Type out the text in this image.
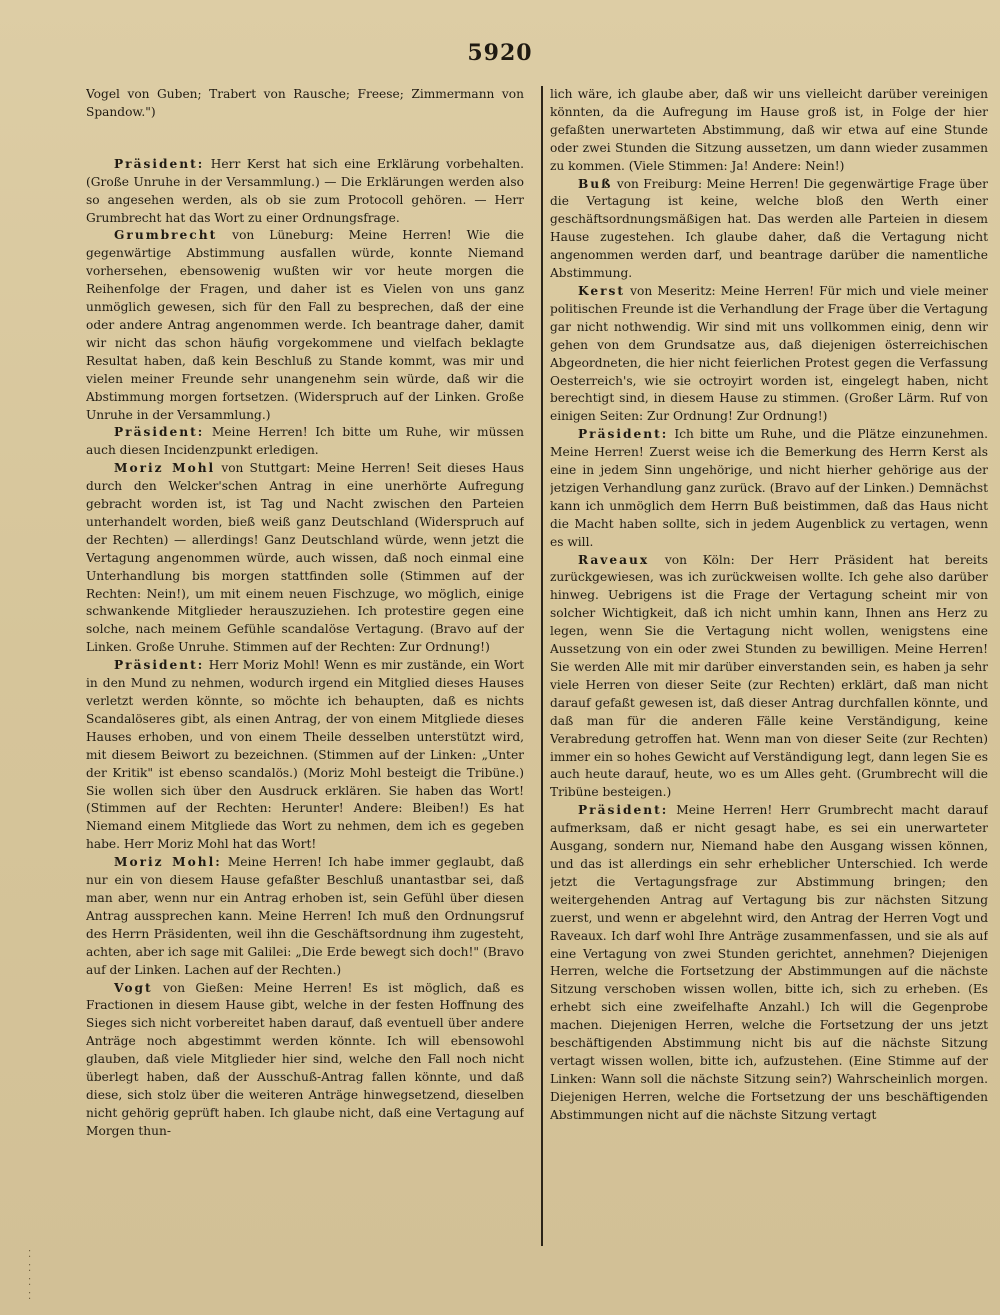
5920

Vogel von Guben; Trabert von Rausche; Freese; Zimmermann von Spandow.")

Präsident: Herr Kerst hat sich eine Erklärung vorbehalten. (Große Unruhe in der Versammlung.) — Die Erklärungen werden also so angesehen werden, als ob sie zum Protocoll gehören. — Herr Grumbrecht hat das Wort zu einer Ordnungsfrage.

Grumbrecht von Lüneburg: Meine Herren! Wie die gegenwärtige Abstimmung ausfallen würde, konnte Niemand vorhersehen, ebensowenig wußten wir vor heute morgen die Reihenfolge der Fragen, und daher ist es Vielen von uns ganz unmöglich gewesen, sich für den Fall zu besprechen, daß der eine oder andere Antrag angenommen werde. Ich beantrage daher, damit wir nicht das schon häufig vorgekommene und vielfach beklagte Resultat haben, daß kein Beschluß zu Stande kommt, was mir und vielen meiner Freunde sehr unangenehm sein würde, daß wir die Abstimmung morgen fortsetzen. (Widerspruch auf der Linken. Große Unruhe in der Versammlung.)

Präsident: Meine Herren! Ich bitte um Ruhe, wir müssen auch diesen Incidenzpunkt erledigen.

Moriz Mohl von Stuttgart: Meine Herren! Seit dieses Haus durch den Welcker'schen Antrag in eine unerhörte Aufregung gebracht worden ist, ist Tag und Nacht zwischen den Parteien unterhandelt worden, bieß weiß ganz Deutschland (Widerspruch auf der Rechten) — allerdings! Ganz Deutschland würde, wenn jetzt die Vertagung angenommen würde, auch wissen, daß noch einmal eine Unterhandlung bis morgen stattfinden solle (Stimmen auf der Rechten: Nein!), um mit einem neuen Fischzuge, wo möglich, einige schwankende Mitglieder herauszuziehen. Ich protestire gegen eine solche, nach meinem Gefühle scandalöse Vertagung. (Bravo auf der Linken. Große Unruhe. Stimmen auf der Rechten: Zur Ordnung!)

Präsident: Herr Moriz Mohl! Wenn es mir zustände, ein Wort in den Mund zu nehmen, wodurch irgend ein Mitglied dieses Hauses verletzt werden könnte, so möchte ich behaupten, daß es nichts Scandalöseres gibt, als einen Antrag, der von einem Mitgliede dieses Hauses erhoben, und von einem Theile desselben unterstützt wird, mit diesem Beiwort zu bezeichnen. (Stimmen auf der Linken: „Unter der Kritik" ist ebenso scandalös.) (Moriz Mohl besteigt die Tribüne.) Sie wollen sich über den Ausdruck erklären. Sie haben das Wort! (Stimmen auf der Rechten: Herunter! Andere: Bleiben!) Es hat Niemand einem Mitgliede das Wort zu nehmen, dem ich es gegeben habe. Herr Moriz Mohl hat das Wort!

Moriz Mohl: Meine Herren! Ich habe immer geglaubt, daß nur ein von diesem Hause gefaßter Beschluß unantastbar sei, daß man aber, wenn nur ein Antrag erhoben ist, sein Gefühl über diesen Antrag aussprechen kann. Meine Herren! Ich muß den Ordnungsruf des Herrn Präsidenten, weil ihn die Geschäftsordnung ihm zugesteht, achten, aber ich sage mit Galilei: „Die Erde bewegt sich doch!" (Bravo auf der Linken. Lachen auf der Rechten.)

Vogt von Gießen: Meine Herren! Es ist möglich, daß es Fractionen in diesem Hause gibt, welche in der festen Hoffnung des Sieges sich nicht vorbereitet haben darauf, daß eventuell über andere Anträge noch abgestimmt werden könnte. Ich will ebensowohl glauben, daß viele Mitglieder hier sind, welche den Fall noch nicht überlegt haben, daß der Ausschuß-Antrag fallen könnte, und daß diese, sich stolz über die weiteren Anträge hinwegsetzend, dieselben nicht gehörig geprüft haben. Ich glaube nicht, daß eine Vertagung auf Morgen thun-

lich wäre, ich glaube aber, daß wir uns vielleicht darüber vereinigen könnten, da die Aufregung im Hause groß ist, in Folge der hier gefaßten unerwarteten Abstimmung, daß wir etwa auf eine Stunde oder zwei Stunden die Sitzung aussetzen, um dann wieder zusammen zu kommen. (Viele Stimmen: Ja! Andere: Nein!)

Buß von Freiburg: Meine Herren! Die gegenwärtige Frage über die Vertagung ist keine, welche bloß den Werth einer geschäftsordnungsmäßigen hat. Das werden alle Parteien in diesem Hause zugestehen. Ich glaube daher, daß die Vertagung nicht angenommen werden darf, und beantrage darüber die namentliche Abstimmung.

Kerst von Meseritz: Meine Herren! Für mich und viele meiner politischen Freunde ist die Verhandlung der Frage über die Vertagung gar nicht nothwendig. Wir sind mit uns vollkommen einig, denn wir gehen von dem Grundsatze aus, daß diejenigen österreichischen Abgeordneten, die hier nicht feierlichen Protest gegen die Verfassung Oesterreich's, wie sie octroyirt worden ist, eingelegt haben, nicht berechtigt sind, in diesem Hause zu stimmen. (Großer Lärm. Ruf von einigen Seiten: Zur Ordnung! Zur Ordnung!)

Präsident: Ich bitte um Ruhe, und die Plätze einzunehmen. Meine Herren! Zuerst weise ich die Bemerkung des Herrn Kerst als eine in jedem Sinn ungehörige, und nicht hierher gehörige aus der jetzigen Verhandlung ganz zurück. (Bravo auf der Linken.) Demnächst kann ich unmöglich dem Herrn Buß beistimmen, daß das Haus nicht die Macht haben sollte, sich in jedem Augenblick zu vertagen, wenn es will.

Raveaux von Köln: Der Herr Präsident hat bereits zurückgewiesen, was ich zurückweisen wollte. Ich gehe also darüber hinweg. Uebrigens ist die Frage der Vertagung scheint mir von solcher Wichtigkeit, daß ich nicht umhin kann, Ihnen ans Herz zu legen, wenn Sie die Vertagung nicht wollen, wenigstens eine Aussetzung von ein oder zwei Stunden zu bewilligen. Meine Herren! Sie werden Alle mit mir darüber einverstanden sein, es haben ja sehr viele Herren von dieser Seite (zur Rechten) erklärt, daß man nicht darauf gefaßt gewesen ist, daß dieser Antrag durchfallen könnte, und daß man für die anderen Fälle keine Verständigung, keine Verabredung getroffen hat. Wenn man von dieser Seite (zur Rechten) immer ein so hohes Gewicht auf Verständigung legt, dann legen Sie es auch heute darauf, heute, wo es um Alles geht. (Grumbrecht will die Tribüne besteigen.)

Präsident: Meine Herren! Herr Grumbrecht macht darauf aufmerksam, daß er nicht gesagt habe, es sei ein unerwarteter Ausgang, sondern nur, Niemand habe den Ausgang wissen können, und das ist allerdings ein sehr erheblicher Unterschied. Ich werde jetzt die Vertagungsfrage zur Abstimmung bringen; den weitergehenden Antrag auf Vertagung bis zur nächsten Sitzung zuerst, und wenn er abgelehnt wird, den Antrag der Herren Vogt und Raveaux. Ich darf wohl Ihre Anträge zusammenfassen, und sie als auf eine Vertagung von zwei Stunden gerichtet, annehmen? Diejenigen Herren, welche die Fortsetzung der Abstimmungen auf die nächste Sitzung verschoben wissen wollen, bitte ich, sich zu erheben. (Es erhebt sich eine zweifelhafte Anzahl.) Ich will die Gegenprobe machen. Diejenigen Herren, welche die Fortsetzung der uns jetzt beschäftigenden Abstimmung nicht bis auf die nächste Sitzung vertagt wissen wollen, bitte ich, aufzustehen. (Eine Stimme auf der Linken: Wann soll die nächste Sitzung sein?) Wahrscheinlich morgen. Diejenigen Herren, welche die Fortsetzung der uns beschäftigenden Abstimmungen nicht auf die nächste Sitzung vertagt

⁚
⁚
⁚
⁚
